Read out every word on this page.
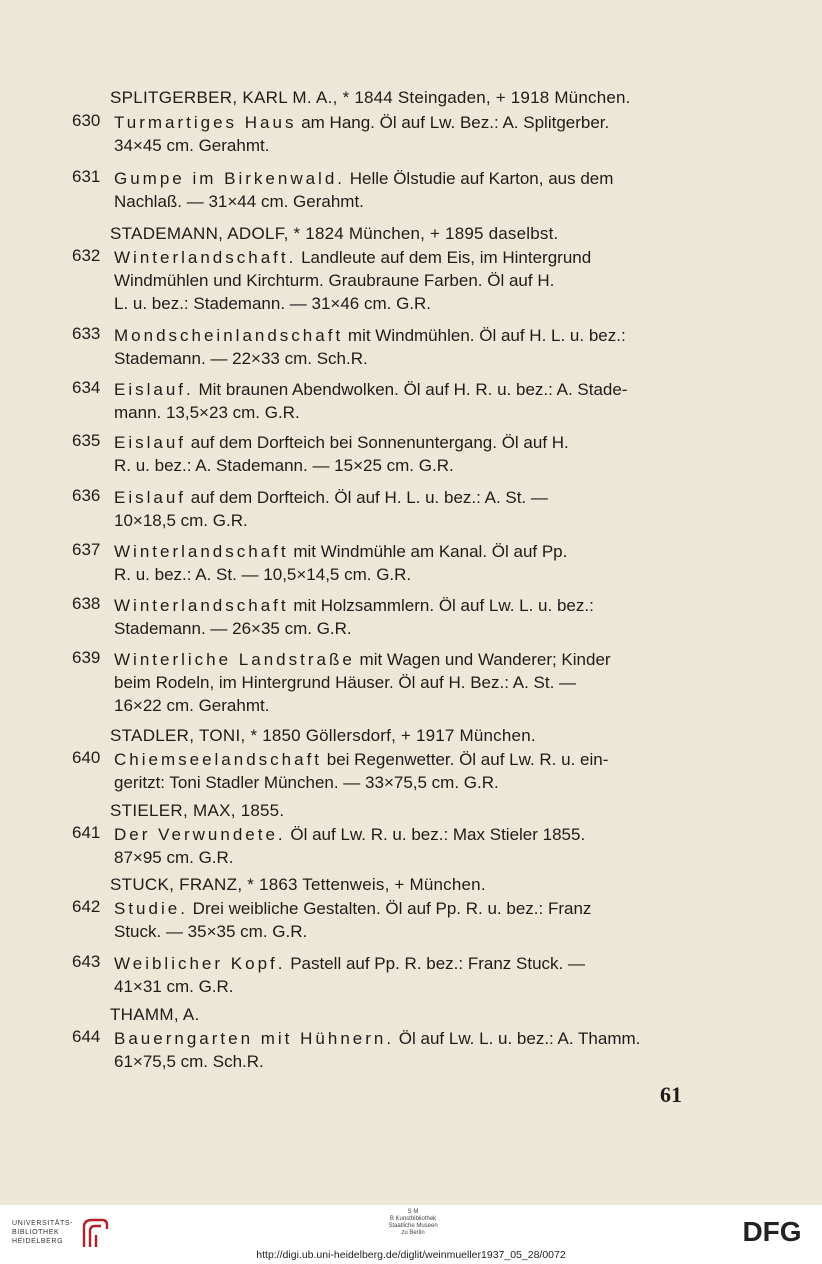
SPLITGERBER, KARL M. A., * 1844 Steingaden, + 1918 München.
630 Turmartiges Haus am Hang. Öl auf Lw. Bez.: A. Splitgerber.
34×45 cm. Gerahmt.
631 Gumpe im Birkenwald. Helle Ölstudie auf Karton, aus dem
Nachlaß. — 31×44 cm. Gerahmt.
STADEMANN, ADOLF, * 1824 München, + 1895 daselbst.
632 Winterlandschaft. Landleute auf dem Eis, im Hintergrund
Windmühlen und Kirchturm. Graubraune Farben. Öl auf H.
L. u. bez.: Stademann. — 31×46 cm. G.R.
633 Mondscheinlandschaft mit Windmühlen. Öl auf H. L. u. bez.:
Stademann. — 22×33 cm. Sch.R.
634 Eislauf. Mit braunen Abendwolken. Öl auf H. R. u. bez.: A. Stade-
mann. 13,5×23 cm. G.R.
635 Eislauf auf dem Dorfteich bei Sonnenuntergang. Öl auf H.
R. u. bez.: A. Stademann. — 15×25 cm. G.R.
636 Eislauf auf dem Dorfteich. Öl auf H. L. u. bez.: A. St. —
10×18,5 cm. G.R.
637 Winterlandschaft mit Windmühle am Kanal. Öl auf Pp.
R. u. bez.: A. St. — 10,5×14,5 cm. G.R.
638 Winterlandschaft mit Holzsammlern. Öl auf Lw. L. u. bez.:
Stademann. — 26×35 cm. G.R.
639 Winterliche Landstraße mit Wagen und Wanderer; Kinder
beim Rodeln, im Hintergrund Häuser. Öl auf H. Bez.: A. St. —
16×22 cm. Gerahmt.
STADLER, TONI, * 1850 Göllersdorf, + 1917 München.
640 Chiemseelandschaft bei Regenwetter. Öl auf Lw. R. u. ein-
geritzt: Toni Stadler München. — 33×75,5 cm. G.R.
STIELER, MAX, 1855.
641 Der Verwundete. Öl auf Lw. R. u. bez.: Max Stieler 1855.
87×95 cm. G.R.
STUCK, FRANZ, * 1863 Tettenweis, + München.
642 Studie. Drei weibliche Gestalten. Öl auf Pp. R. u. bez.: Franz
Stuck. — 35×35 cm. G.R.
643 Weiblicher Kopf. Pastell auf Pp. R. bez.: Franz Stuck. —
41×31 cm. G.R.
THAMM, A.
644 Bauerngarten mit Hühnern. Öl auf Lw. L. u. bez.: A. Thamm.
61×75,5 cm. Sch.R.
61
UNIVERSITÄTS-
BIBLIOTHEK
HEIDELBERG
S M
B Kunstbibliothek
Staatliche Museen
zu Berlin
http://digi.ub.uni-heidelberg.de/diglit/weinmueller1937_05_28/0072
DFG
